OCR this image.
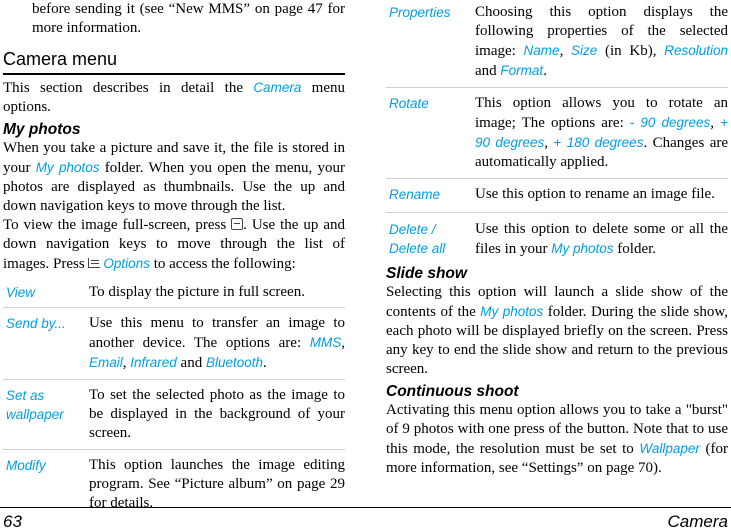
before sending it (see “New MMS” on page 47 for more information.
Camera menu
This section describes in detail the Camera menu options.
My photos
When you take a picture and save it, the file is stored in your My photos folder. When you open the menu, your photos are displayed as thumbnails. Use the up and down navigation keys to move through the list.
To view the image full-screen, press . Use the up and down navigation keys to move through the list of images. Press Options to access the following:
View	To display the picture in full screen.
Send by...	Use this menu to transfer an image to another device. The options are: MMS, Email, Infrared and Bluetooth.
Set as wallpaper	To set the selected photo as the image to be displayed in the background of your screen.
Modify	This option launches the image editing program. See “Picture album” on page 29 for details.
Properties	Choosing this option displays the following properties of the selected image: Name, Size (in Kb), Resolution and Format.
Rotate	This option allows you to rotate an image; The options are: - 90 degrees, + 90 degrees, + 180 degrees. Changes are automatically applied.
Rename	Use this option to rename an image file.
Delete / Delete all	Use this option to delete some or all the files in your My photos folder.
Slide show
Selecting this option will launch a slide show of the contents of the My photos folder. During the slide show, each photo will be displayed briefly on the screen. Press any key to end the slide show and return to the previous screen.
Continuous shoot
Activating this menu option allows you to take a "burst" of 9 photos with one press of the button. Note that to use this mode, the resolution must be set to Wallpaper (for more information, see “Settings” on page 70).
63	Camera
